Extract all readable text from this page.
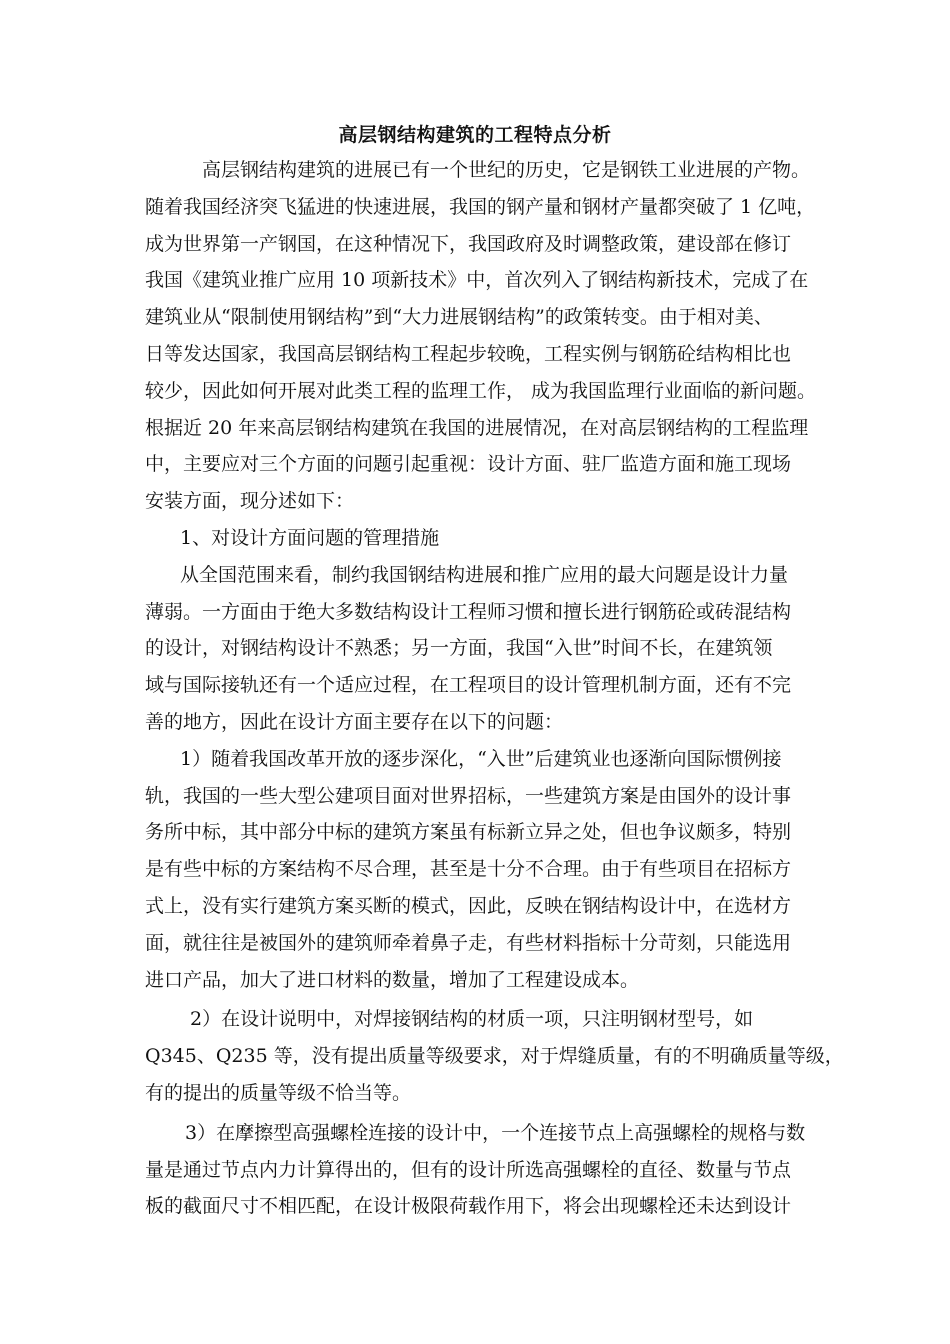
高层钢结构建筑的工程特点分析
高层钢结构建筑的进展已有一个世纪的历史，它是钢铁工业进展的产物。
随着我国经济突飞猛进的快速进展，我国的钢产量和钢材产量都突破了 1 亿吨，
成为世界第一产钢国，在这种情况下，我国政府及时调整政策，建设部在修订
我国《建筑业推广应用 10 项新技术》中，首次列入了钢结构新技术，完成了在
建筑业从“限制使用钢结构”到“大力进展钢结构”的政策转变。由于相对美、
日等发达国家，我国高层钢结构工程起步较晚，工程实例与钢筋砼结构相比也
较少，因此如何开展对此类工程的监理工作， 成为我国监理行业面临的新问题。
根据近 20 年来高层钢结构建筑在我国的进展情况，在对高层钢结构的工程监理
中，主要应对三个方面的问题引起重视：设计方面、驻厂监造方面和施工现场
安装方面，现分述如下：
1、对设计方面问题的管理措施
从全国范围来看，制约我国钢结构进展和推广应用的最大问题是设计力量
薄弱。一方面由于绝大多数结构设计工程师习惯和擅长进行钢筋砼或砖混结构
的设计，对钢结构设计不熟悉；另一方面，我国“入世”时间不长，在建筑领
域与国际接轨还有一个适应过程，在工程项目的设计管理机制方面，还有不完
善的地方，因此在设计方面主要存在以下的问题：
1）随着我国改革开放的逐步深化，“入世”后建筑业也逐渐向国际惯例接
轨，我国的一些大型公建项目面对世界招标，一些建筑方案是由国外的设计事
务所中标，其中部分中标的建筑方案虽有标新立异之处，但也争议颇多，特别
是有些中标的方案结构不尽合理，甚至是十分不合理。由于有些项目在招标方
式上，没有实行建筑方案买断的模式，因此，反映在钢结构设计中，在选材方
面，就往往是被国外的建筑师牵着鼻子走，有些材料指标十分苛刻，只能选用
进口产品，加大了进口材料的数量，增加了工程建设成本。
2）在设计说明中，对焊接钢结构的材质一项，只注明钢材型号，如
Q345、Q235 等，没有提出质量等级要求，对于焊缝质量，有的不明确质量等级，
有的提出的质量等级不恰当等。
3）在摩擦型高强螺栓连接的设计中，一个连接节点上高强螺栓的规格与数
量是通过节点内力计算得出的，但有的设计所选高强螺栓的直径、数量与节点
板的截面尺寸不相匹配，在设计极限荷载作用下，将会出现螺栓还未达到设计
